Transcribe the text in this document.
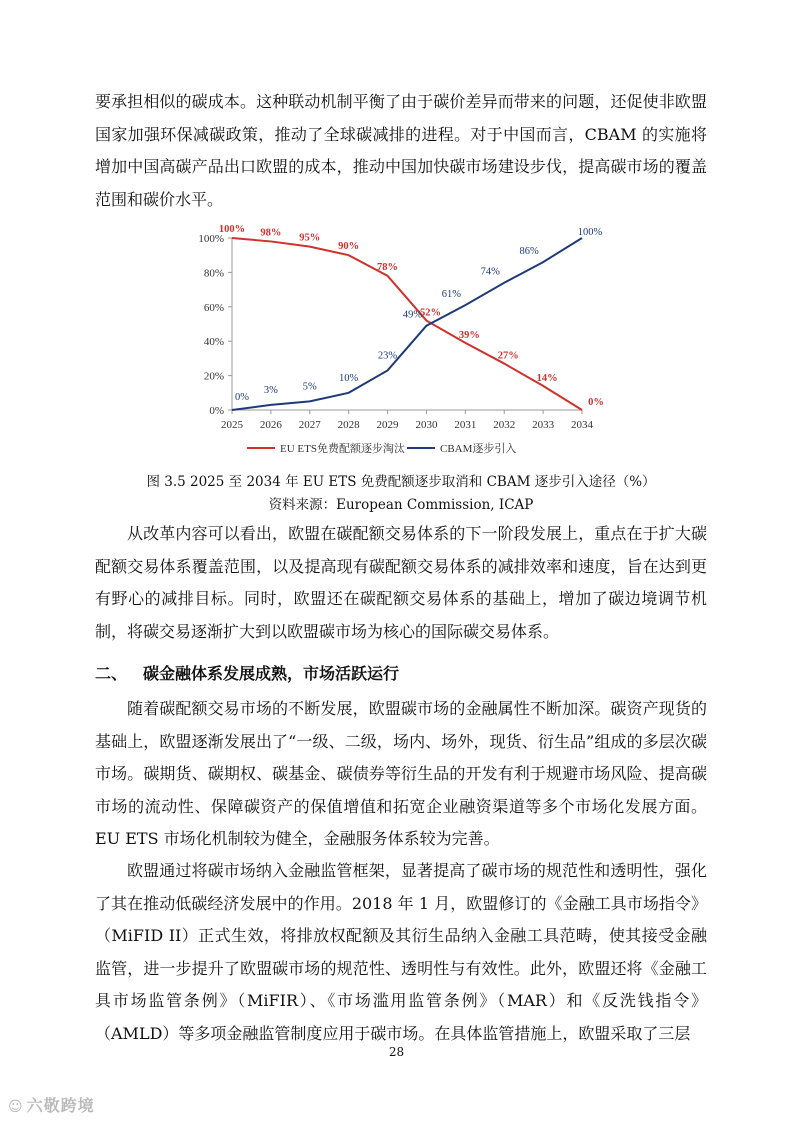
要承担相似的碳成本。这种联动机制平衡了由于碳价差异而带来的问题，还促使非欧盟国家加强环保减碳政策，推动了全球碳减排的进程。对于中国而言，CBAM 的实施将增加中国高碳产品出口欧盟的成本，推动中国加快碳市场建设步伐，提高碳市场的覆盖范围和碳价水平。

0%
20%
40%
60%
80%
100%
2025 2026 2027 2028 2029 2030 2031 2032 2033 2034
100% 98% 95%
90%
78%
52%
39%
27%
14%
0%
0%
3% 5%
10%
23%
49%
61%
74%
86%
100%
EU ETS免费配额逐步淘汰	CBAM逐步引入
图 3.5 2025 至 2034 年 EU ETS 免费配额逐步取消和 CBAM 逐步引入途径（%）
资料来源：European Commission, ICAP

从改革内容可以看出，欧盟在碳配额交易体系的下一阶段发展上，重点在于扩大碳配额交易体系覆盖范围，以及提高现有碳配额交易体系的减排效率和速度，旨在达到更有野心的减排目标。同时，欧盟还在碳配额交易体系的基础上，增加了碳边境调节机制，将碳交易逐渐扩大到以欧盟碳市场为核心的国际碳交易体系。

二、 碳金融体系发展成熟，市场活跃运行

随着碳配额交易市场的不断发展，欧盟碳市场的金融属性不断加深。碳资产现货的基础上，欧盟逐渐发展出了“一级、二级，场内、场外，现货、衍生品”组成的多层次碳市场。碳期货、碳期权、碳基金、碳债券等衍生品的开发有利于规避市场风险、提高碳市场的流动性、保障碳资产的保值增值和拓宽企业融资渠道等多个市场化发展方面。EU ETS 市场化机制较为健全，金融服务体系较为完善。

欧盟通过将碳市场纳入金融监管框架，显著提高了碳市场的规范性和透明性，强化了其在推动低碳经济发展中的作用。2018 年 1 月，欧盟修订的《金融工具市场指令》（MiFID II）正式生效，将排放权配额及其衍生品纳入金融工具范畴，使其接受金融监管，进一步提升了欧盟碳市场的规范性、透明性与有效性。此外，欧盟还将《金融工具市场监管条例》（MiFIR）、《市场滥用监管条例》（MAR）和《反洗钱指令》（AMLD）等多项金融监管制度应用于碳市场。在具体监管措施上，欧盟采取了三层

28
☺ 六敬跨境
